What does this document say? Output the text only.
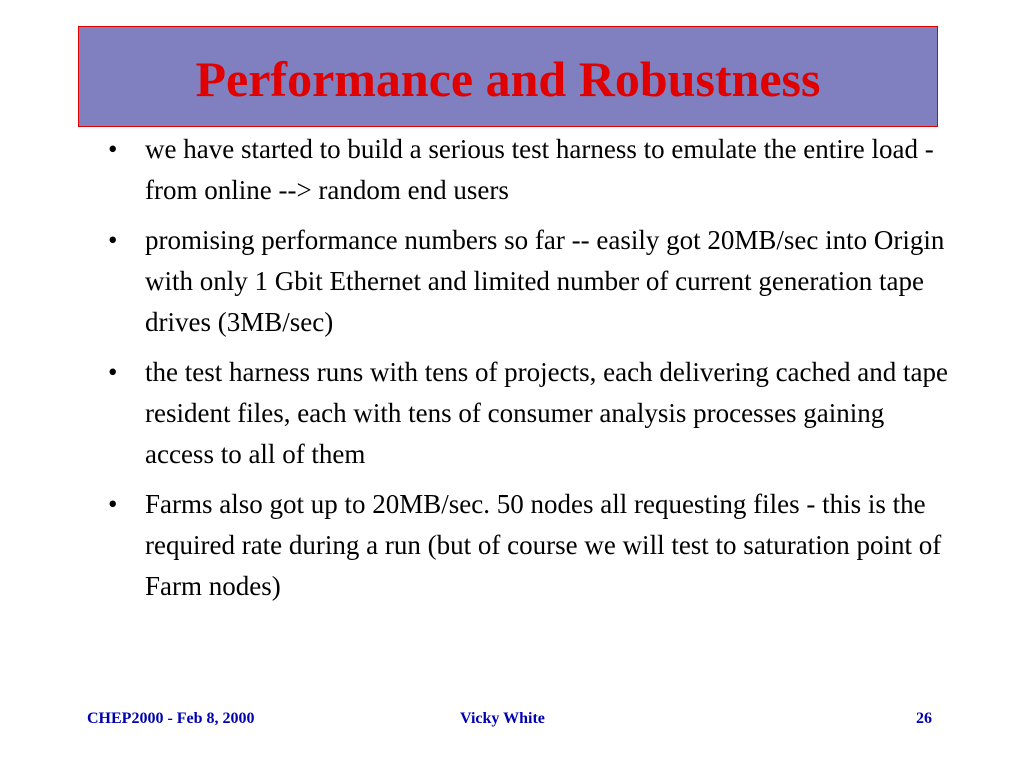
Performance and Robustness
• we have started to build a serious test harness to emulate the entire load - from online --> random end users
• promising performance numbers so far -- easily got 20MB/sec into Origin with only 1 Gbit Ethernet and limited number of current generation tape drives (3MB/sec)
• the test harness runs with tens of projects, each delivering cached and tape resident files, each with tens of consumer analysis processes gaining access to all of them
• Farms also got up to 20MB/sec. 50 nodes all requesting files - this is the required rate during a run (but of course we will test to saturation point of Farm nodes)
CHEP2000 - Feb 8, 2000	Vicky White	26
